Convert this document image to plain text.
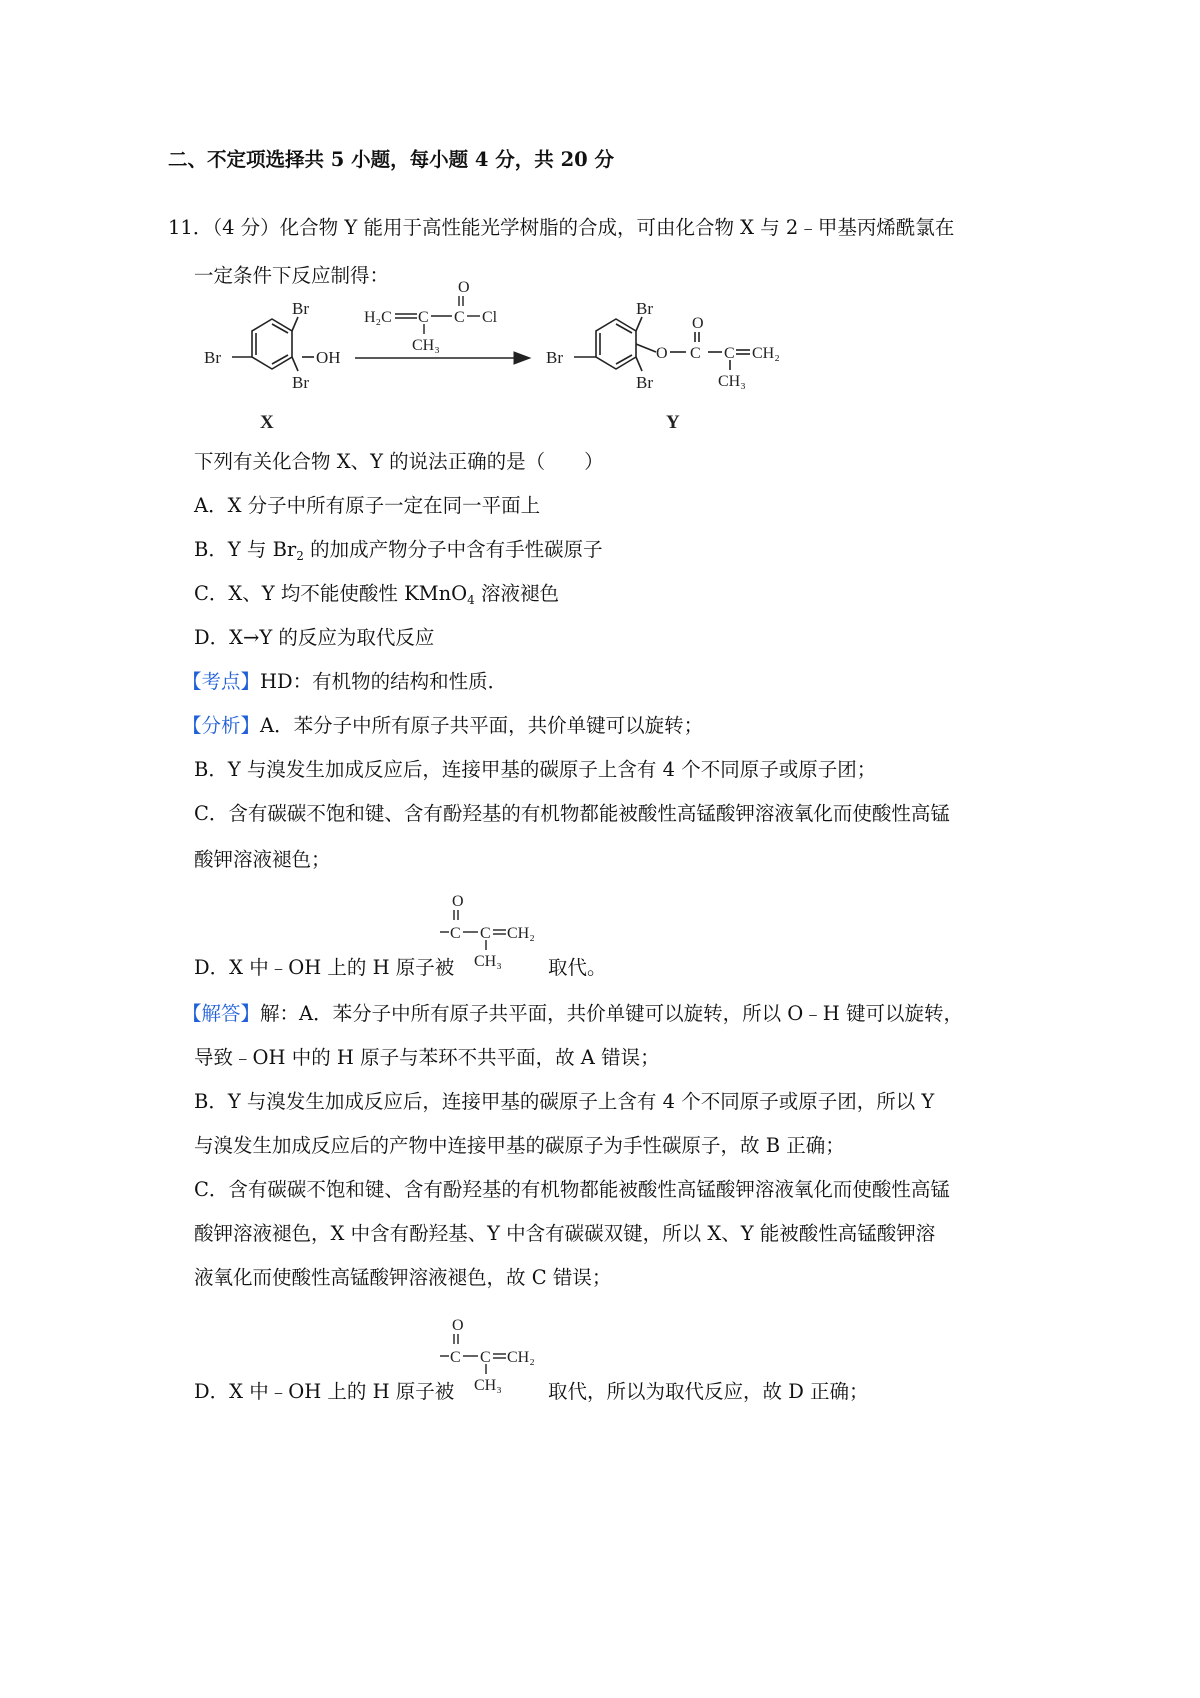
二、不定项选择共 5 小题，每小题 4 分，共 20 分
11．（4 分）化合物 Y 能用于高性能光学树脂的合成，可由化合物 X 与 2﹣甲基丙烯酰氯在
一定条件下反应制得：
Br
Br	OH
Br
X
O
H₂C C C Cl
CH₃
Br
Br	O
O
C C CH₂
CH₃
Br
Y
下列有关化合物 X、Y 的说法正确的是（　　）
A．X 分子中所有原子一定在同一平面上
B．Y 与 $Br_2$ 的加成产物分子中含有手性碳原子
C．X、Y 均不能使酸性 KMnO$_4$ 溶液褪色
D．X→Y 的反应为取代反应
【考点】HD：有机物的结构和性质．
【分析】A．苯分子中所有原子共平面，共价单键可以旋转；
B．Y 与溴发生加成反应后，连接甲基的碳原子上含有 4 个不同原子或原子团；
C．含有碳碳不饱和键、含有酚羟基的有机物都能被酸性高锰酸钾溶液氧化而使酸性高锰
酸钾溶液褪色；
O
C C CH₂
CH₃
D．X 中﹣OH 上的 H 原子被	取代。
【解答】解：A．苯分子中所有原子共平面，共价单键可以旋转，所以 O﹣H 键可以旋转，
导致﹣OH 中的 H 原子与苯环不共平面，故 A 错误；
B．Y 与溴发生加成反应后，连接甲基的碳原子上含有 4 个不同原子或原子团，所以 Y
与溴发生加成反应后的产物中连接甲基的碳原子为手性碳原子，故 B 正确；
C．含有碳碳不饱和键、含有酚羟基的有机物都能被酸性高锰酸钾溶液氧化而使酸性高锰
酸钾溶液褪色，X 中含有酚羟基、Y 中含有碳碳双键，所以 X、Y 能被酸性高锰酸钾溶
液氧化而使酸性高锰酸钾溶液褪色，故 C 错误；
O
C C CH₂
CH₃
D．X 中﹣OH 上的 H 原子被	取代，所以为取代反应，故 D 正确；
